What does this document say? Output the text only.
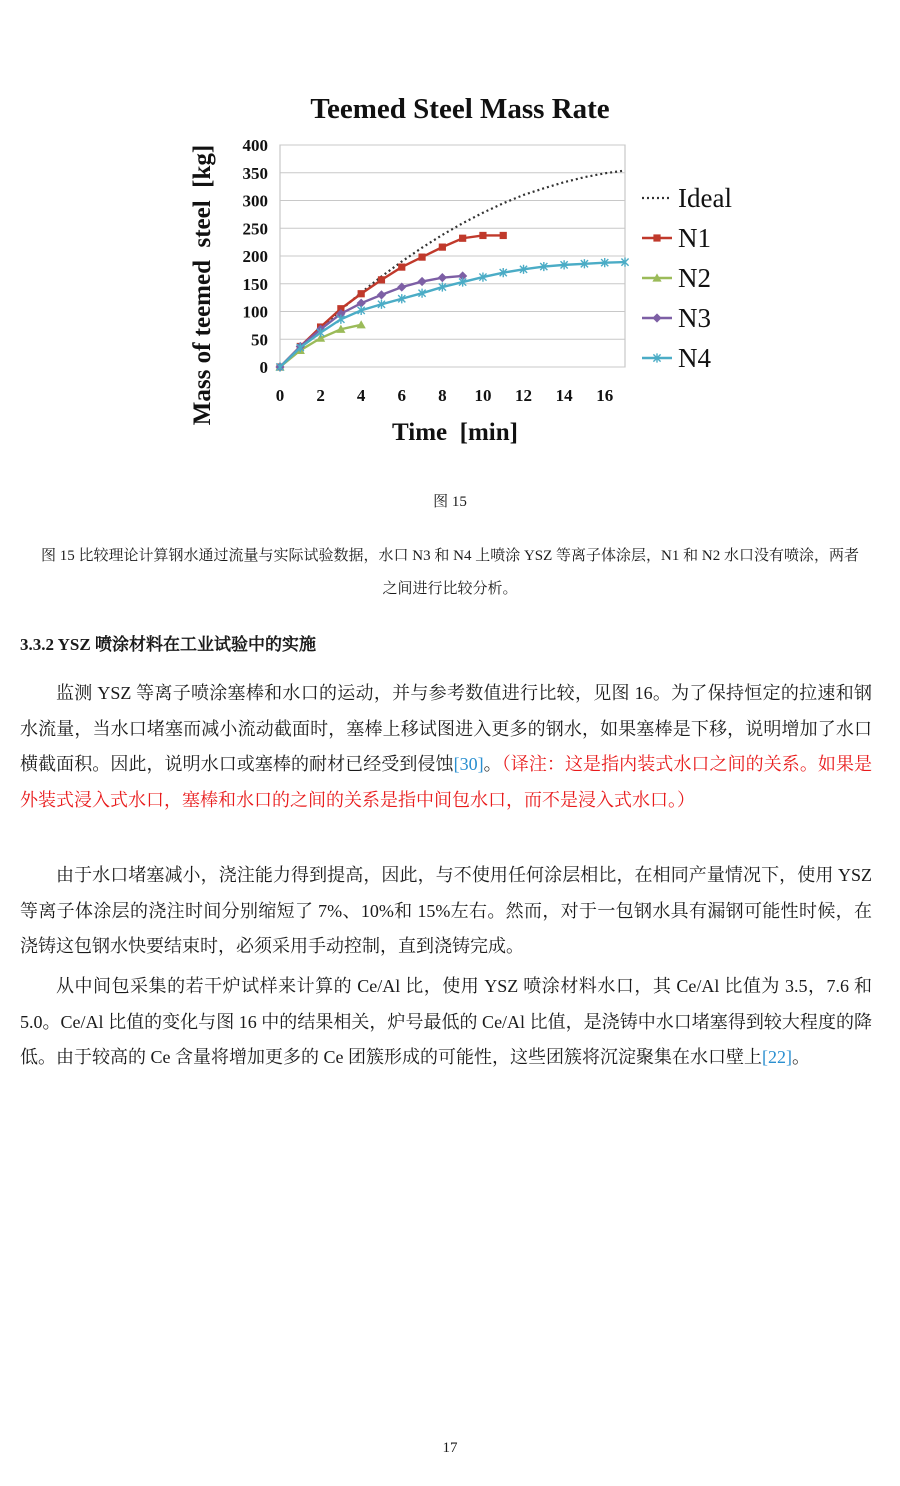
Teemed Steel Mass Rate
0
50
100
150
200
250
300
350
400
0 2 4 6 8 10 12 14 16
Ideal
N1
N2
N3
N4
Time  [min]
Mass of teemed  steel  [kg]
图 15
图 15 比较理论计算钢水通过流量与实际试验数据，水口 N3 和 N4 上喷涂 YSZ 等离子体涂层，N1 和 N2 水口没有喷涂，两者之间进行比较分析。
3.3.2 YSZ 喷涂材料在工业试验中的实施
监测 YSZ 等离子喷涂塞棒和水口的运动，并与参考数值进行比较，见图 16。为了保持恒定的拉速和钢水流量，当水口堵塞而减小流动截面时，塞棒上移试图进入更多的钢水，如果塞棒是下移，说明增加了水口横截面积。因此，说明水口或塞棒的耐材已经受到侵蚀[30]。（译注：这是指内装式水口之间的关系。如果是外装式浸入式水口，塞棒和水口的之间的关系是指中间包水口，而不是浸入式水口。）
由于水口堵塞减小，浇注能力得到提高，因此，与不使用任何涂层相比，在相同产量情况下，使用 YSZ 等离子体涂层的浇注时间分别缩短了 7%、10%和 15%左右。然而，对于一包钢水具有漏钢可能性时候，在浇铸这包钢水快要结束时，必须采用手动控制，直到浇铸完成。
从中间包采集的若干炉试样来计算的 Ce/Al 比，使用 YSZ 喷涂材料水口，其 Ce/Al 比值为 3.5，7.6 和 5.0。Ce/Al 比值的变化与图 16 中的结果相关，炉号最低的 Ce/Al 比值，是浇铸中水口堵塞得到较大程度的降低。由于较高的 Ce 含量将增加更多的 Ce 团簇形成的可能性，这些团簇将沉淀聚集在水口壁上[22]。
17
